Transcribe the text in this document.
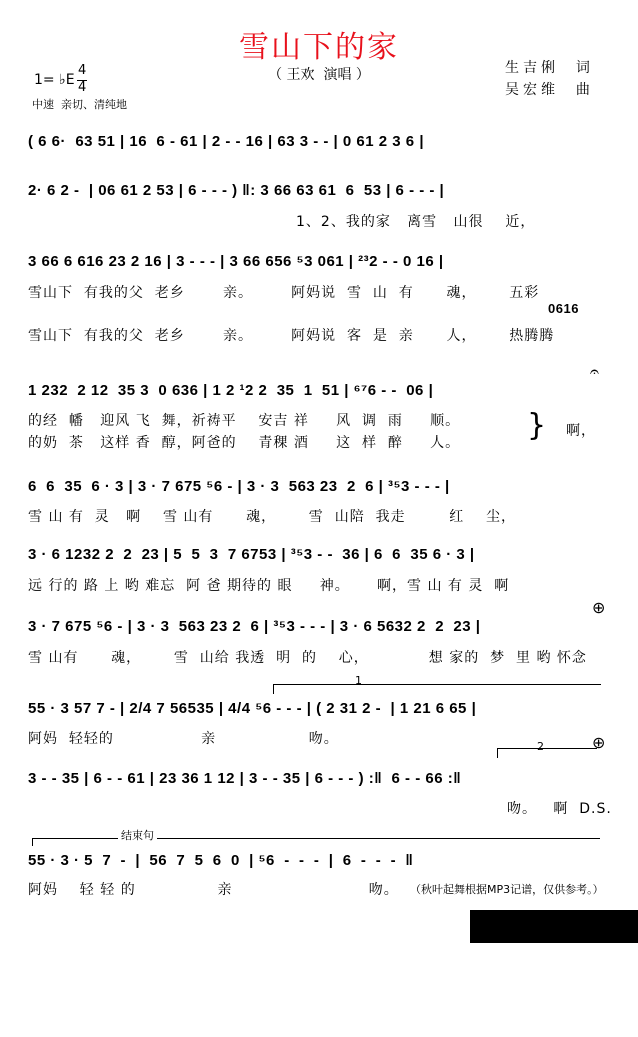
雪山下的家
（ 王欢  演唱 ）	生吉俐  词
吴宏维  曲
1= ♭E
4
4
中速  亲切、清纯地
( 6 6·  63 51 | 16  6 - 61 | 2 - - 16 | 63 3 - - | 0 61 2 3 6 |
2· 6 2 -  | 06 61 2 53 | 6 - - - ) ‖: 3 66 63 61  6  53 | 6 - - - |
1、2、我的家   离雪   山很    近，
3 66 6 616 23 2 16 | 3 - - - | 3 66 656 ⁵3 061 | ²³2 - - 0 16 |
雪山下  有我的父  老乡       亲。       阿妈说  雪  山  有      魂，      五彩
0616
雪山下  有我的父  老乡       亲。       阿妈说  客  是  亲      人，      热腾腾
1 232  2 12  35 3  0 636 | 1 2 ¹2 2  35  1  51 | ⁶⁷6 - -  06 |
𝄐
的经  幡   迎风 飞  舞，祈祷平    安吉 祥     风  调  雨     顺。
的奶  茶   这样 香  醇，阿爸的    青稞 酒     这  样  醉     人。 } 啊，
6  6  35  6 · 3 | 3 · 7 675 ⁵6 - | 3 · 3  563 23  2  6 | ³⁵3 - - - |
雪 山 有  灵   啊    雪 山有      魂，      雪  山陪  我走        红    尘，
3 · 6 1232 2  2  23 | 5  5  3  7 6753 | ³⁵3 - -  36 | 6  6  35 6 · 3 |
远 行的 路 上 哟 难忘  阿 爸 期待的 眼     神。     啊，雪 山 有 灵  啊
⊕
3 · 7 675 ⁵6 - | 3 · 3  563 23 2  6 | ³⁵3 - - - | 3 · 6 5632 2  2  23 |
雪 山有      魂，      雪  山给 我透  明  的    心，           想 家的  梦  里 哟 怀念
1
55 · 3 57 7 - | 2/4 7 56535 | 4/4 ⁵6 - - - | ( 2 31 2 -  | 1 21 6 65 |
阿妈  轻轻的                亲                 吻。	2	⊕
3 - - 35 | 6 - - 61 | 23 36 1 12 | 3 - - 35 | 6 - - - ) :‖  6 - - 66 :‖
吻。   啊  D.S.
结束句
55 · 3 · 5  7  -  |  56  7  5  6  0  | ⁵6  -  -  -  |  6  -  -  -  ‖
阿妈    轻 轻 的               亲                         吻。 （秋叶起舞根据MP3记谱，仅供参考。）

曲谱分享千寻谱库

http://WWW.XUNPUKU.COM
